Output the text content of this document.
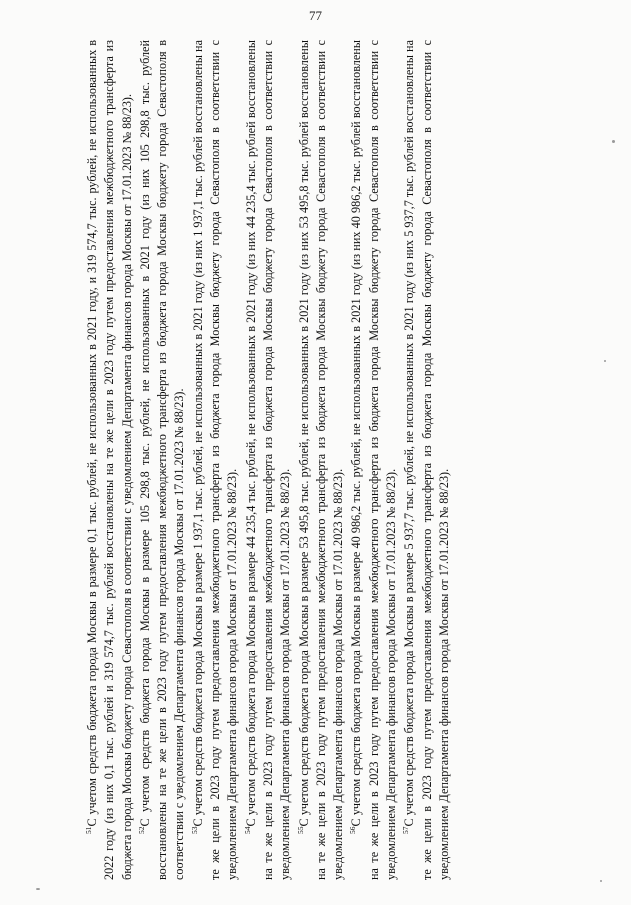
77

$^{51}$С учетом средств бюджета города Москвы в размере 0,1 тыс. рублей, не использованных в 2021 году, и 319 574,7 тыс. рублей, не использованных в 2022 году (из них 0,1 тыс. рублей и 319 574,7 тыс. рублей восстановлены на те же цели в 2023 году путем предоставления межбюджетного трансферта из бюджета города Москвы бюджету города Севастополя в соответствии с уведомлением Департамента финансов города Москвы от 17.01.2023 № 88/23). $^{52}$С учетом средств бюджета города Москвы в размере 105 298,8 тыс. рублей, не использованных в 2021 году (из них 105 298,8 тыс. рублей восстановлены на те же цели в 2023 году путем предоставления межбюджетного трансферта из бюджета города Москвы бюджету города Севастополя в соответствии с уведомлением Департамента финансов города Москвы от 17.01.2023 № 88/23). $^{53}$С учетом средств бюджета города Москвы в размере 1 937,1 тыс. рублей, не использованных в 2021 году (из них 1 937,1 тыс. рублей восстановлены на те же цели в 2023 году путем предоставления межбюджетного трансферта из бюджета города Москвы бюджету города Севастополя в соответствии с уведомлением Департамента финансов города Москвы от 17.01.2023 № 88/23). $^{54}$С учетом средств бюджета города Москвы в размере 44 235,4 тыс. рублей, не использованных в 2021 году (из них 44 235,4 тыс. рублей восстановлены на те же цели в 2023 году путем предоставления межбюджетного трансферта из бюджета города Москвы бюджету города Севастополя в соответствии с уведомлением Департамента финансов города Москвы от 17.01.2023 № 88/23). $^{55}$С учетом средств бюджета города Москвы в размере 53 495,8 тыс. рублей, не использованных в 2021 году (из них 53 495,8 тыс. рублей восстановлены на те же цели в 2023 году путем предоставления межбюджетного трансферта из бюджета города Москвы бюджету города Севастополя в соответствии с уведомлением Департамента финансов города Москвы от 17.01.2023 № 88/23). $^{56}$С учетом средств бюджета города Москвы в размере 40 986,2 тыс. рублей, не использованных в 2021 году (из них 40 986,2 тыс. рублей восстановлены на те же цели в 2023 году путем предоставления межбюджетного трансферта из бюджета города Москвы бюджету города Севастополя в соответствии с уведомлением Департамента финансов города Москвы от 17.01.2023 № 88/23). $^{57}$С учетом средств бюджета города Москвы в размере 5 937,7 тыс. рублей, не использованных в 2021 году (из них 5 937,7 тыс. рублей восстановлены на те же цели в 2023 году путем предоставления межбюджетного трансферта из бюджета города Москвы бюджету города Севастополя в соответствии с уведомлением Департамента финансов города Москвы от 17.01.2023 № 88/23).
